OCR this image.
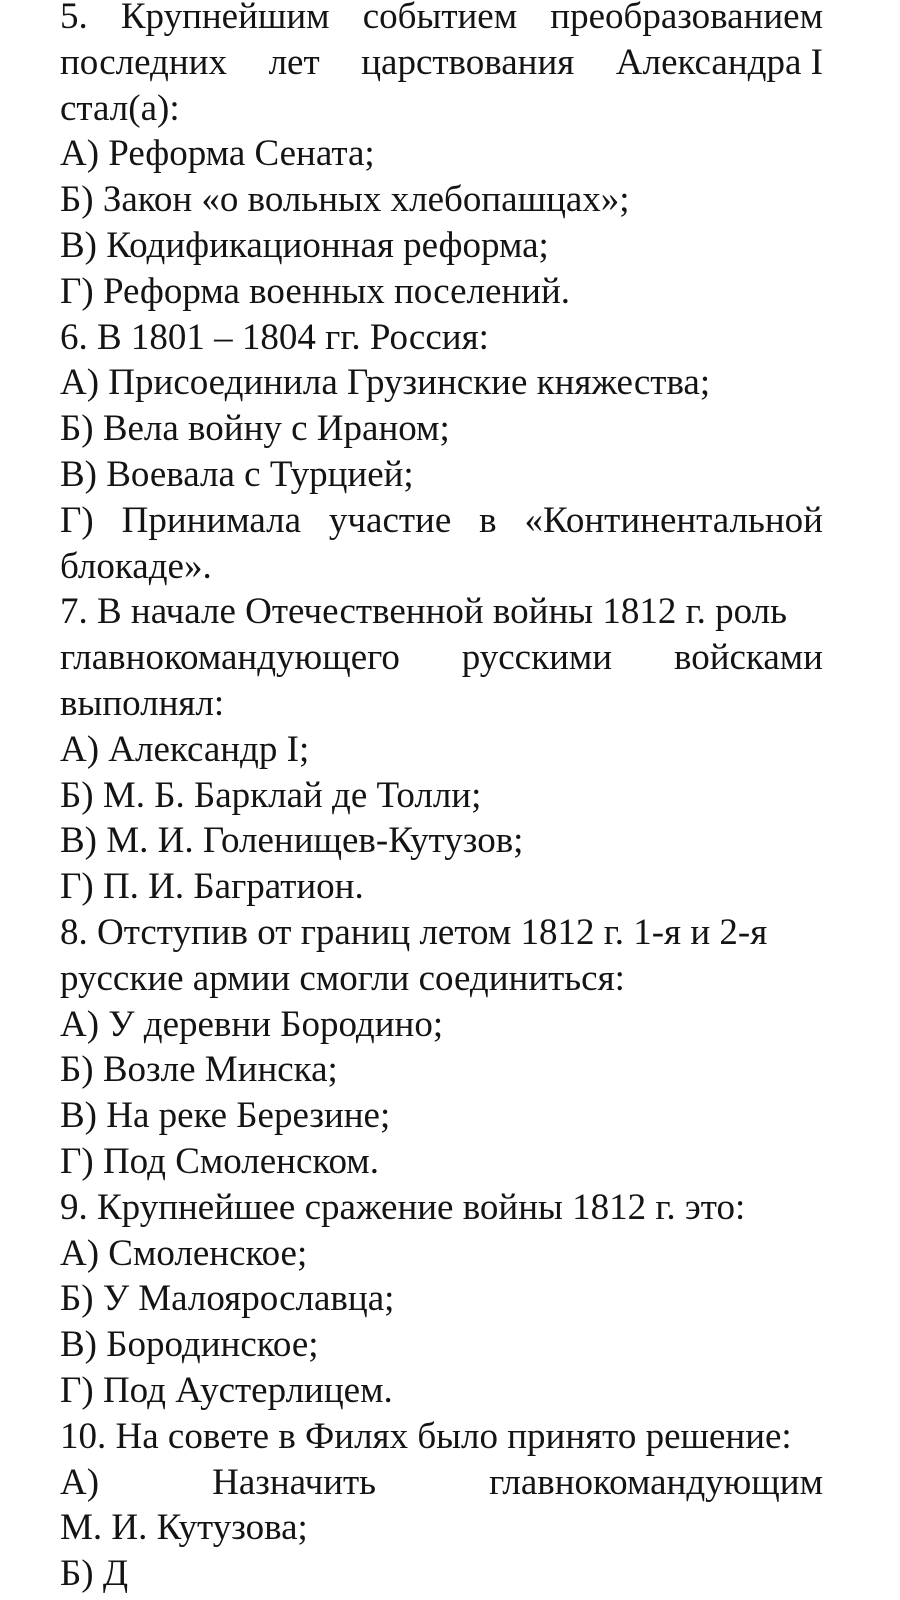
5. Крупнейшим событием преобразованием
последних лет царствования Александра I
стал(а):
А) Реформа Сената;
Б) Закон «о вольных хлебопашцах»;
В) Кодификационная реформа;
Г) Реформа военных поселений.
6. В 1801 – 1804 гг. Россия:
А) Присоединила Грузинские княжества;
Б) Вела войну с Ираном;
В) Воевала с Турцией;
Г) Принимала участие в «Континентальной
блокаде».
7. В начале Отечественной войны 1812 г. роль
главнокомандующего русскими войсками
выполнял:
А) Александр I;
Б) М. Б. Барклай де Толли;
В) М. И. Голенищев-Кутузов;
Г) П. И. Багратион.
8. Отступив от границ летом 1812 г. 1-я и 2-я
русские армии смогли соединиться:
А) У деревни Бородино;
Б) Возле Минска;
В) На реке Березине;
Г) Под Смоленском.
9. Крупнейшее сражение войны 1812 г. это:
А) Смоленское;
Б) У Малоярославца;
В) Бородинское;
Г) Под Аустерлицем.
10. На совете в Филях было принято решение:
А)	Назначить	главнокомандующим
М. И. Кутузова;
Б) Д
